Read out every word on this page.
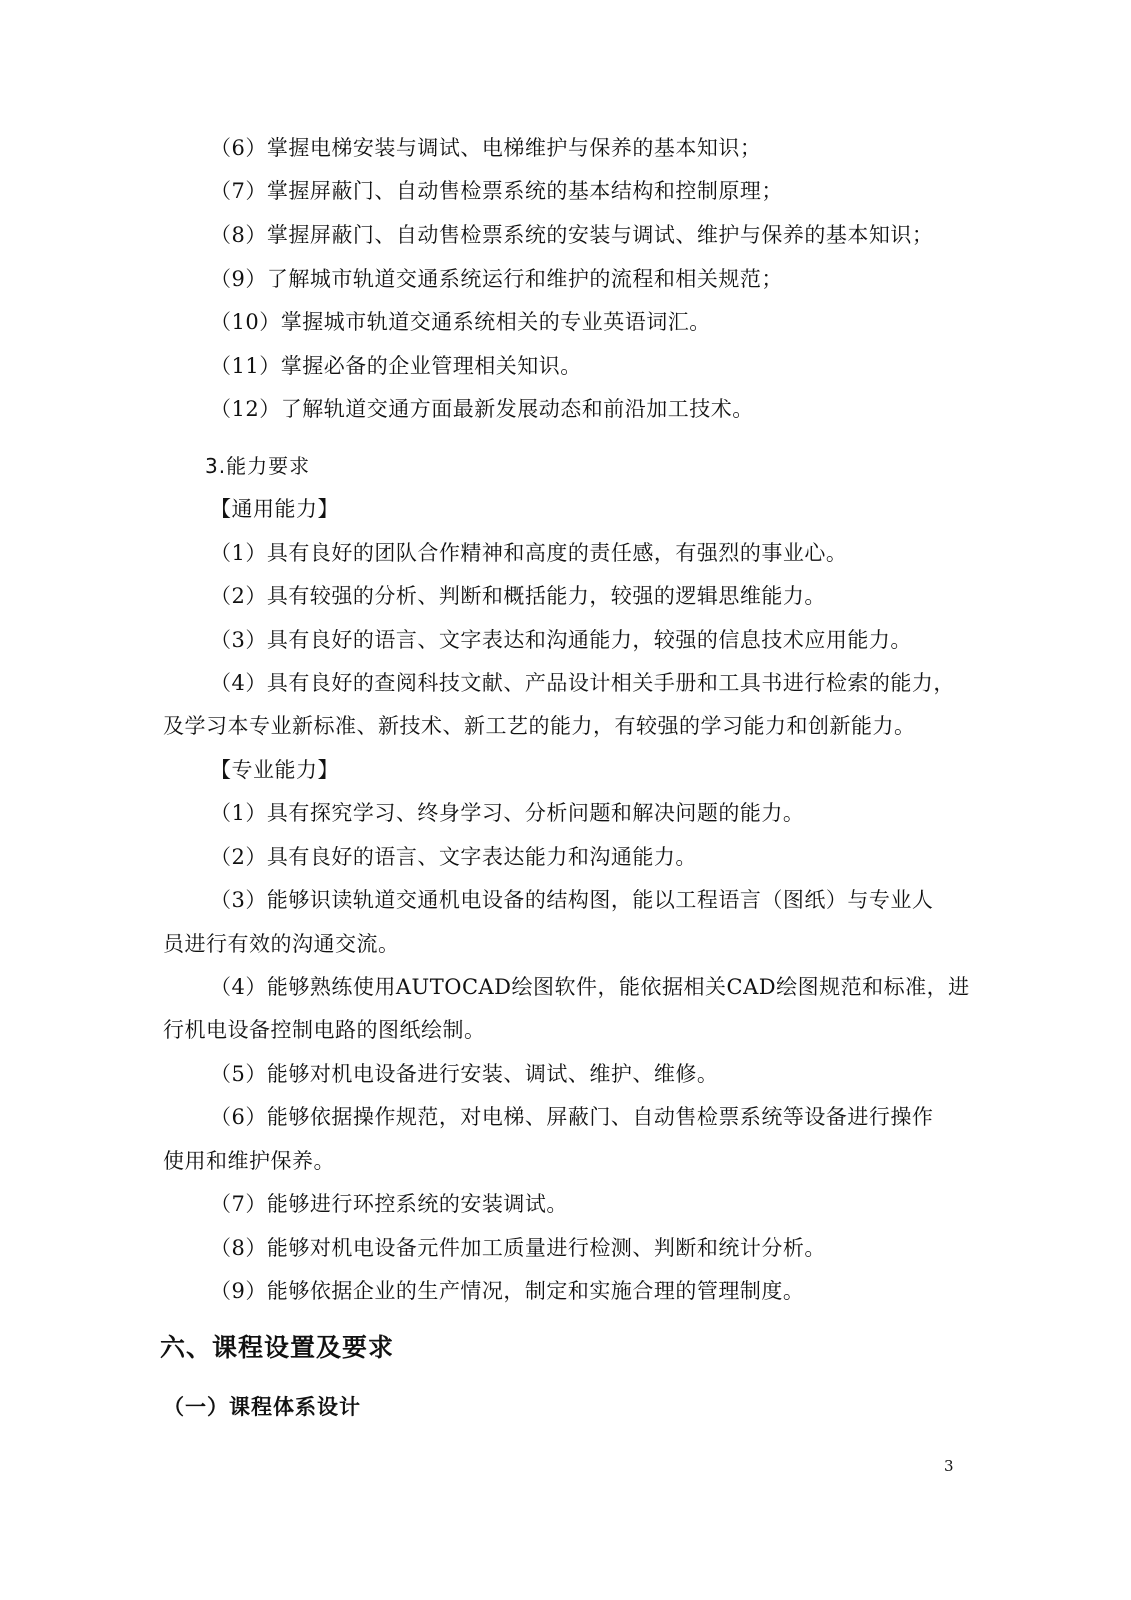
（6）掌握电梯安装与调试、电梯维护与保养的基本知识；
（7）掌握屏蔽门、自动售检票系统的基本结构和控制原理；
（8）掌握屏蔽门、自动售检票系统的安装与调试、维护与保养的基本知识；
（9）了解城市轨道交通系统运行和维护的流程和相关规范；
（10）掌握城市轨道交通系统相关的专业英语词汇。
（11）掌握必备的企业管理相关知识。
（12）了解轨道交通方面最新发展动态和前沿加工技术。
3.能力要求
【通用能力】
（1）具有良好的团队合作精神和高度的责任感，有强烈的事业心。
（2）具有较强的分析、判断和概括能力，较强的逻辑思维能力。
（3）具有良好的语言、文字表达和沟通能力，较强的信息技术应用能力。
（4）具有良好的查阅科技文献、产品设计相关手册和工具书进行检索的能力，
及学习本专业新标准、新技术、新工艺的能力，有较强的学习能力和创新能力。
【专业能力】
（1）具有探究学习、终身学习、分析问题和解决问题的能力。
（2）具有良好的语言、文字表达能力和沟通能力。
（3）能够识读轨道交通机电设备的结构图，能以工程语言（图纸）与专业人
员进行有效的沟通交流。
（4）能够熟练使用AUTOCAD绘图软件，能依据相关CAD绘图规范和标准，进
行机电设备控制电路的图纸绘制。
（5）能够对机电设备进行安装、调试、维护、维修。
（6）能够依据操作规范，对电梯、屏蔽门、自动售检票系统等设备进行操作
使用和维护保养。
（7）能够进行环控系统的安装调试。
（8）能够对机电设备元件加工质量进行检测、判断和统计分析。
（9）能够依据企业的生产情况，制定和实施合理的管理制度。
六、课程设置及要求
（一）课程体系设计
3
